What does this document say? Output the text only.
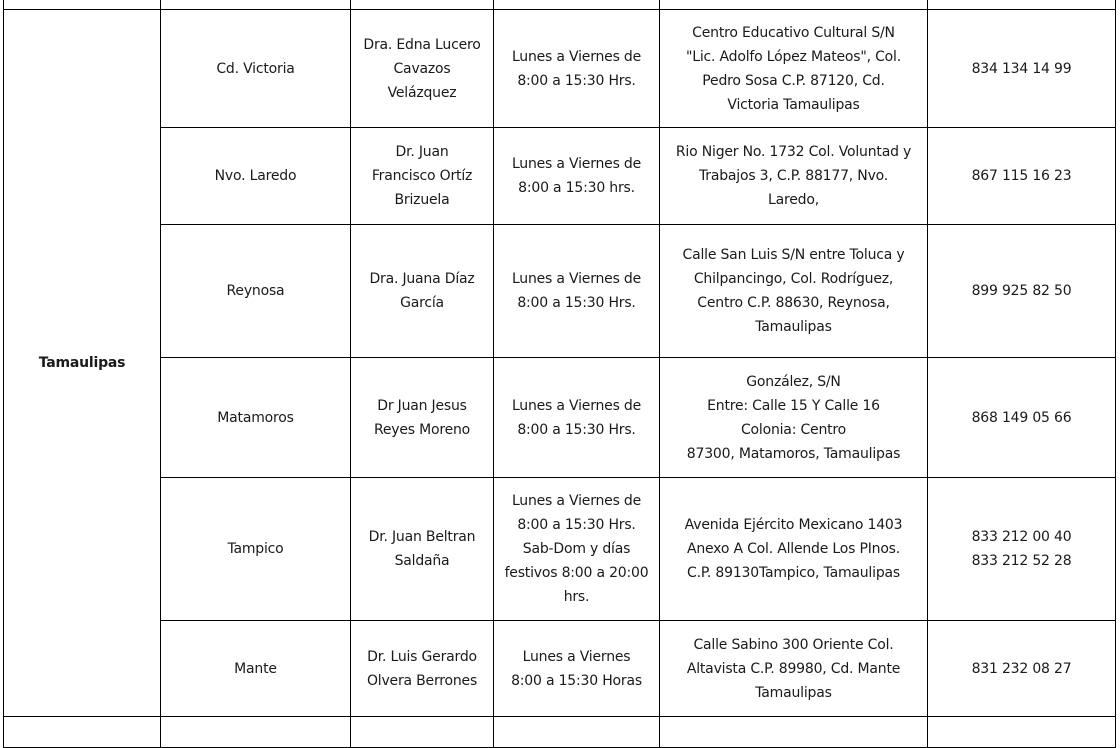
Tamaulipas	Cd. Victoria	Dra. Edna Lucero
Cavazos
Velázquez	Lunes a Viernes de
8:00 a 15:30 Hrs.	Centro Educativo Cultural S/N
"Lic. Adolfo López Mateos", Col.
Pedro Sosa C.P. 87120, Cd.
Victoria Tamaulipas	834 134 14 99

	Nvo. Laredo	Dr. Juan
Francisco Ortíz
Brizuela	Lunes a Viernes de
8:00 a 15:30 hrs.	Rio Niger No. 1732 Col. Voluntad y
Trabajos 3, C.P. 88177, Nvo.
Laredo,	867 115 16 23

	Reynosa	Dra. Juana Díaz
García	Lunes a Viernes de
8:00 a 15:30 Hrs.	Calle San Luis S/N entre Toluca y
Chilpancingo, Col. Rodríguez,
Centro C.P. 88630, Reynosa,
Tamaulipas	899 925 82 50

	Matamoros	Dr Juan Jesus
Reyes Moreno	Lunes a Viernes de
8:00 a 15:30 Hrs.	González, S/N
Entre: Calle 15 Y Calle 16
Colonia: Centro
87300, Matamoros, Tamaulipas	868 149 05 66

	Tampico	Dr. Juan Beltran
Saldaña	Lunes a Viernes de
8:00 a 15:30 Hrs.
Sab-Dom y días
festivos 8:00 a 20:00
hrs.	Avenida Ejército Mexicano 1403
Anexo A Col. Allende Los PInos.
C.P. 89130Tampico, Tamaulipas	833 212 00 40
833 212 52 28

	Mante	Dr. Luis Gerardo
Olvera Berrones	Lunes a Viernes
8:00 a 15:30 Horas	Calle Sabino 300 Oriente Col.
Altavista C.P. 89980, Cd. Mante
Tamaulipas	831 232 08 27
